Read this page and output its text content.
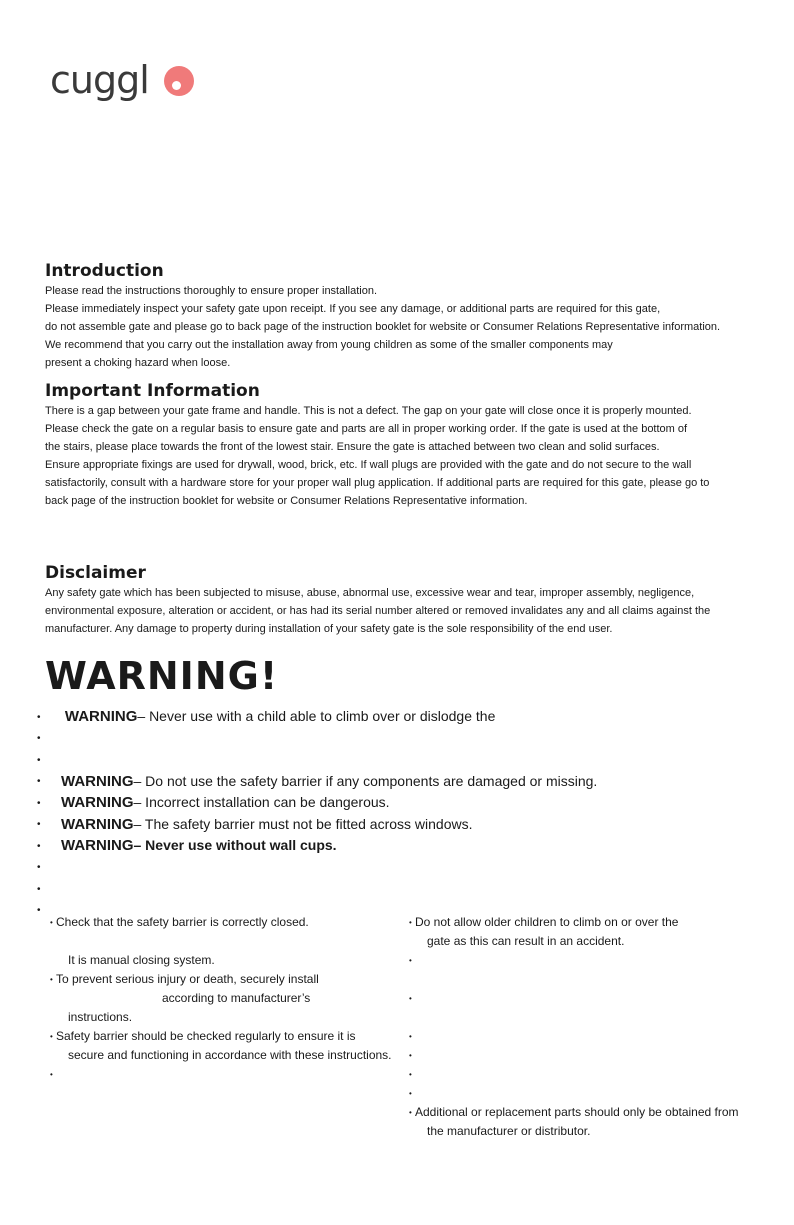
cuggl
Introduction
Please read the instructions thoroughly to ensure proper installation.
Please immediately inspect your safety gate upon receipt. If you see any damage, or additional parts are required for this gate,
do not assemble gate and please go to back page of the instruction booklet for website or Consumer Relations Representative information.
We recommend that you carry out the installation away from young children as some of the smaller components may
present a choking hazard when loose.
Important Information
There is a gap between your gate frame and handle. This is not a defect. The gap on your gate will close once it is properly mounted.
Please check the gate on a regular basis to ensure gate and parts are all in proper working order. If the gate is used at the bottom of
the stairs, please place towards the front of the lowest stair. Ensure the gate is attached between two clean and solid surfaces.
Ensure appropriate fixings are used for drywall, wood, brick, etc. If wall plugs are provided with the gate and do not secure to the wall
satisfactorily, consult with a hardware store for your proper wall plug application. If additional parts are required for this gate, please go to
back page of the instruction booklet for website or Consumer Relations Representative information.
Disclaimer
Any safety gate which has been subjected to misuse, abuse, abnormal use, excessive wear and tear, improper assembly, negligence,
environmental exposure, alteration or accident, or has had its serial number altered or removed invalidates any and all claims against the
manufacturer. Any damage to property during installation of your safety gate is the sole responsibility of the end user.
WARNING!
• WARNING– Never use with a child able to climb over or dislodge the
•
•
• WARNING– Do not use the safety barrier if any components are damaged or missing.
• WARNING– Incorrect installation can be dangerous.
• WARNING– The safety barrier must not be fitted across windows.
• WARNING– Never use without wall cups.
•
•
•
• Check that the safety barrier is correctly closed.
It is manual closing system.
• To prevent serious injury or death, securely install
according to manufacturer’s
instructions.
• Safety barrier should be checked regularly to ensure it is
secure and functioning in accordance with these instructions.
•
• Do not allow older children to climb on or over the
gate as this can result in an accident.
•
•
•
•
•
•
• Additional or replacement parts should only be obtained from
the manufacturer or distributor.
